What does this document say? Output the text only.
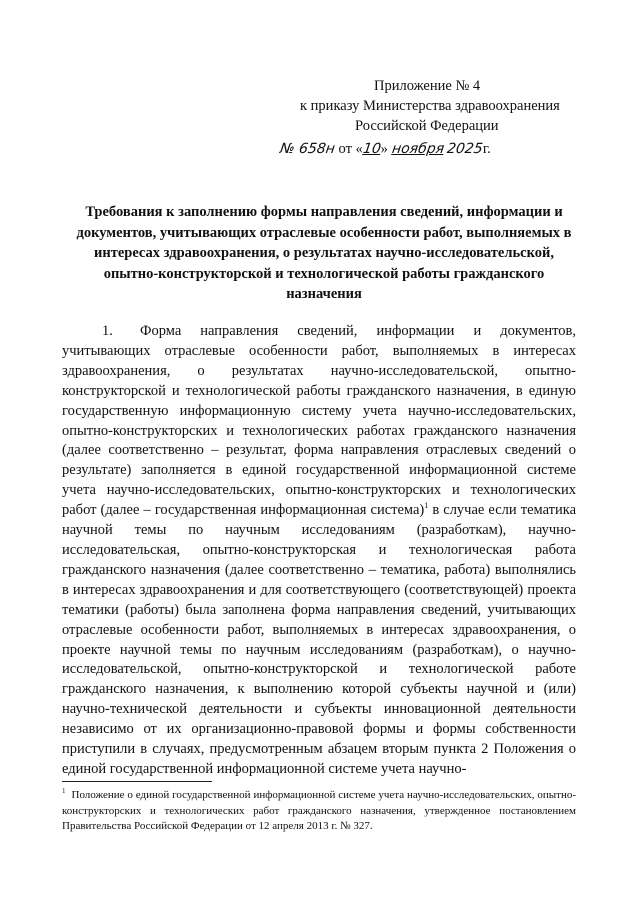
Приложение № 4
к приказу Министерства здравоохранения
Российской Федерации
№ 658н от «10» ноября 2025г.
Требования к заполнению формы направления сведений, информации и документов, учитывающих отраслевые особенности работ, выполняемых в интересах здравоохранения, о результатах научно-исследовательской, опытно-конструкторской и технологической работы гражданского назначения

1. Форма направления сведений, информации и документов, учитывающих отраслевые особенности работ, выполняемых в интересах здравоохранения, о результатах научно-исследовательской, опытно-конструкторской и технологической работы гражданского назначения, в единую государственную информационную систему учета научно-исследовательских, опытно-конструкторских и технологических работах гражданского назначения (далее соответственно – результат, форма направления отраслевых сведений о результате) заполняется в единой государственной информационной системе учета научно-исследовательских, опытно-конструкторских и технологических работ (далее – государственная информационная система)$^1$ в случае если тематика научной темы по научным исследованиям (разработкам), научно-исследовательская, опытно-конструкторская и технологическая работа гражданского назначения (далее соответственно – тематика, работа) выполнялись в интересах здравоохранения и для соответствующего (соответствующей) проекта тематики (работы) была заполнена форма направления сведений, учитывающих отраслевые особенности работ, выполняемых в интересах здравоохранения, о проекте научной темы по научным исследованиям (разработкам), о научно-исследовательской, опытно-конструкторской и технологической работе гражданского назначения, к выполнению которой субъекты научной и (или) научно-технической деятельности и субъекты инновационной деятельности независимо от их организационно-правовой формы и формы собственности приступили в случаях, предусмотренным абзацем вторым пункта 2 Положения о единой государственной информационной системе учета научно-

$^1$ Положение о единой государственной информационной системе учета научно-исследовательских, опытно-конструкторских и технологических работ гражданского назначения, утвержденное постановлением Правительства Российской Федерации от 12 апреля 2013 г. № 327.
